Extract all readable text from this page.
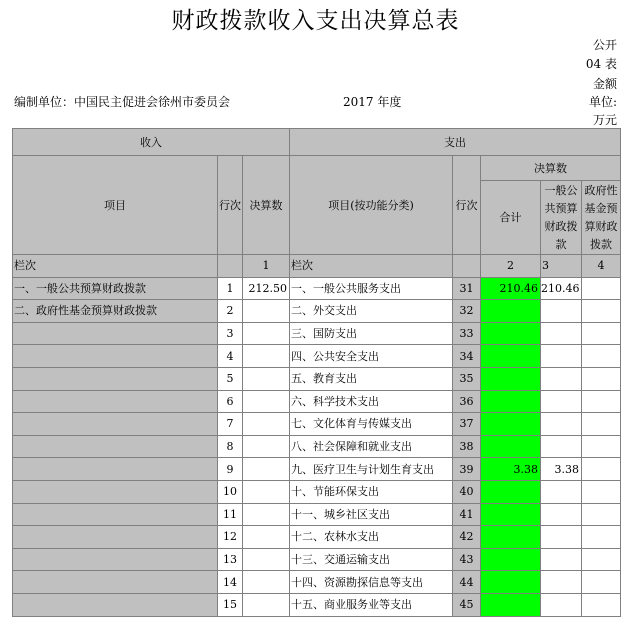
财政拨款收入支出决算总表
公开
04 表
金额
单位:
万元
编制单位：中国民主促进会徐州市委员会	2017 年度
收入			支出				
项目	行次	决算数	项目(按功能分类)	行次	决算数		
					合计	一般公共预算财政拨款	政府性基金预算财政拨款
栏次		1	栏次		2	3	4
一、一般公共预算财政拨款	1	212.50	一、一般公共服务支出	31	210.46	210.46	
二、政府性基金预算财政拨款	2		二、外交支出	32			
	3		三、国防支出	33			
	4		四、公共安全支出	34			
	5		五、教育支出	35			
	6		六、科学技术支出	36			
	7		七、文化体育与传媒支出	37			
	8		八、社会保障和就业支出	38			
	9		九、医疗卫生与计划生育支出	39	3.38	3.38	
	10		十、节能环保支出	40			
	11		十一、城乡社区支出	41			
	12		十二、农林水支出	42			
	13		十三、交通运输支出	43			
	14		十四、资源勘探信息等支出	44			
	15		十五、商业服务业等支出	45			
